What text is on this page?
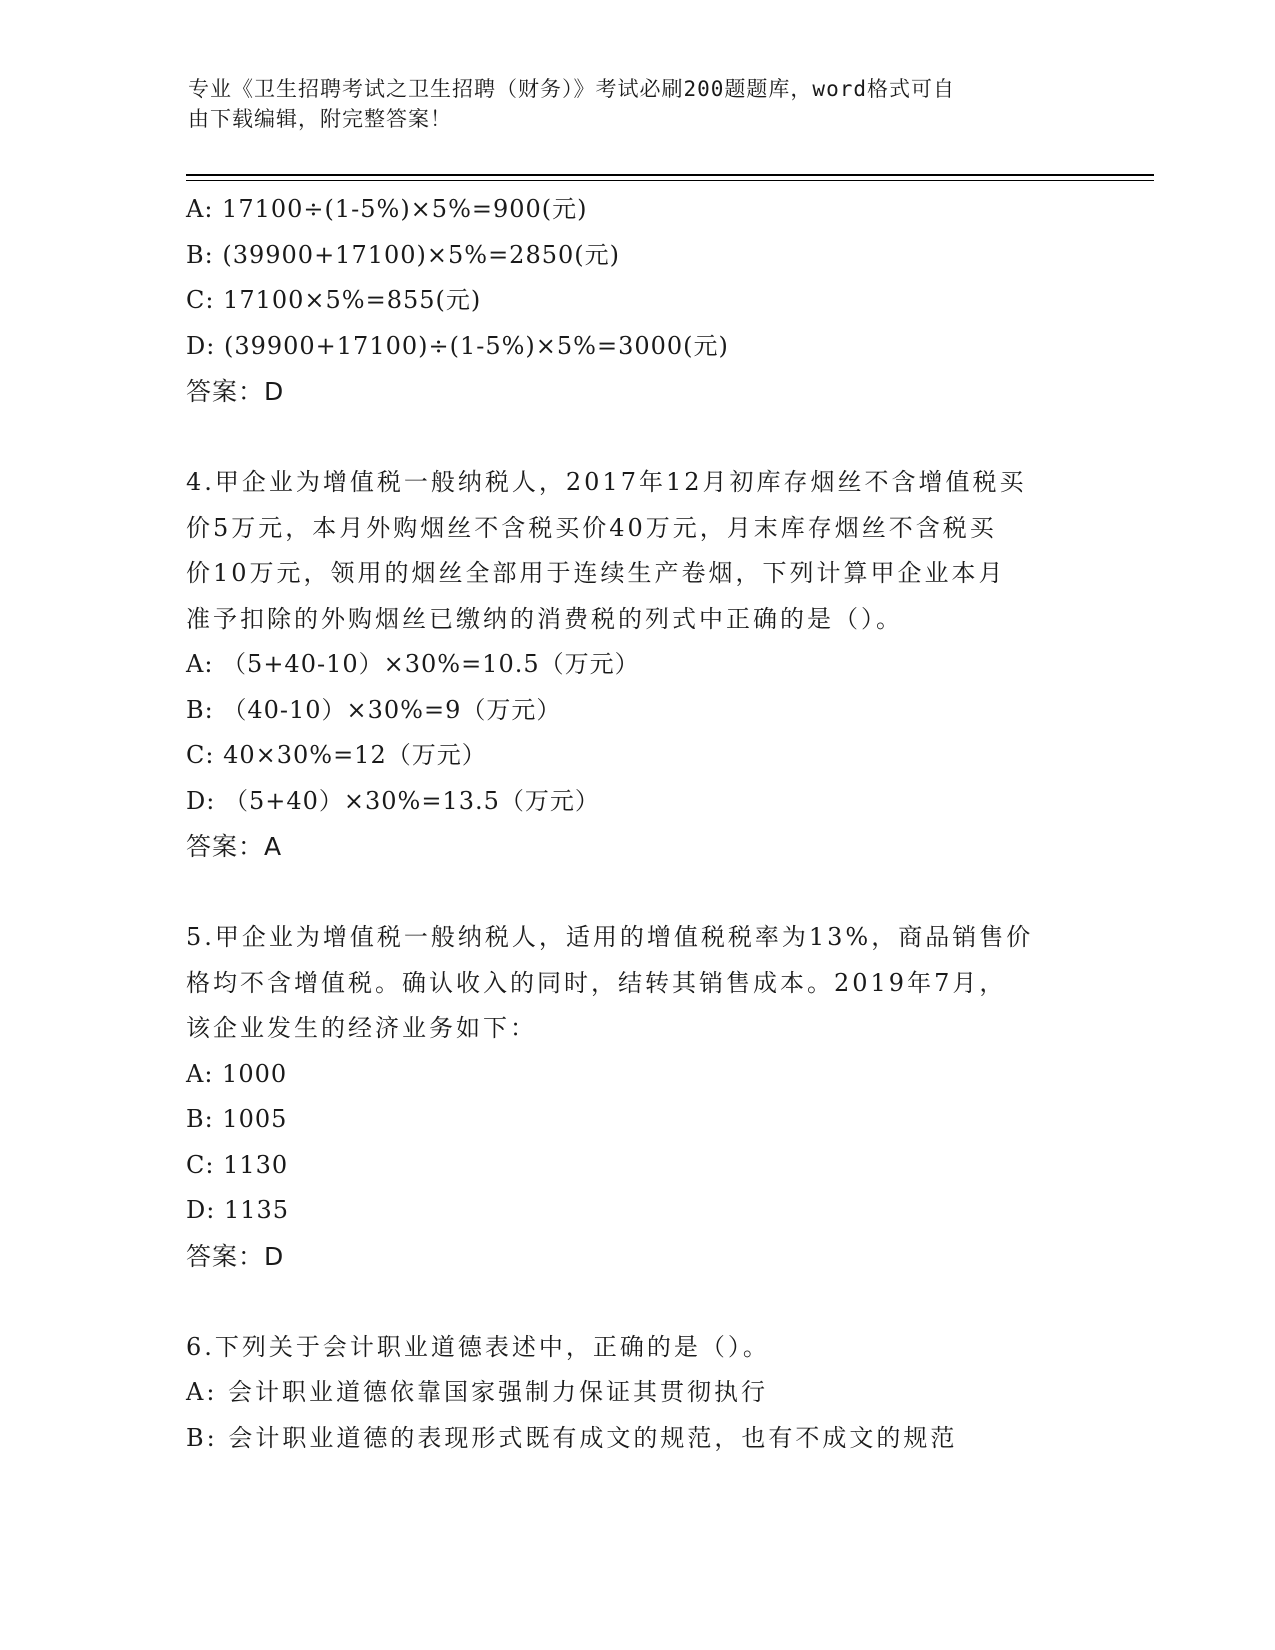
专业《卫生招聘考试之卫生招聘（财务）》考试必刷200题题库，word格式可自
由下载编辑，附完整答案！
A: 17100÷(1-5%)×5%=900(元)
B: (39900+17100)×5%=2850(元)
C: 17100×5%=855(元)
D: (39900+17100)÷(1-5%)×5%=3000(元)
答案：D
4.甲企业为增值税一般纳税人，2017年12月初库存烟丝不含增值税买
价5万元，本月外购烟丝不含税买价40万元，月末库存烟丝不含税买
价10万元，领用的烟丝全部用于连续生产卷烟，下列计算甲企业本月
准予扣除的外购烟丝已缴纳的消费税的列式中正确的是（）。
A: （5+40-10）×30%=10.5（万元）
B: （40-10）×30%=9（万元）
C: 40×30%=12（万元）
D: （5+40）×30%=13.5（万元）
答案：A
5.甲企业为增值税一般纳税人，适用的增值税税率为13%，商品销售价
格均不含增值税。确认收入的同时，结转其销售成本。2019年7月，
该企业发生的经济业务如下：
A: 1000
B: 1005
C: 1130
D: 1135
答案：D
6.下列关于会计职业道德表述中，正确的是（）。
A: 会计职业道德依靠国家强制力保证其贯彻执行
B: 会计职业道德的表现形式既有成文的规范，也有不成文的规范
